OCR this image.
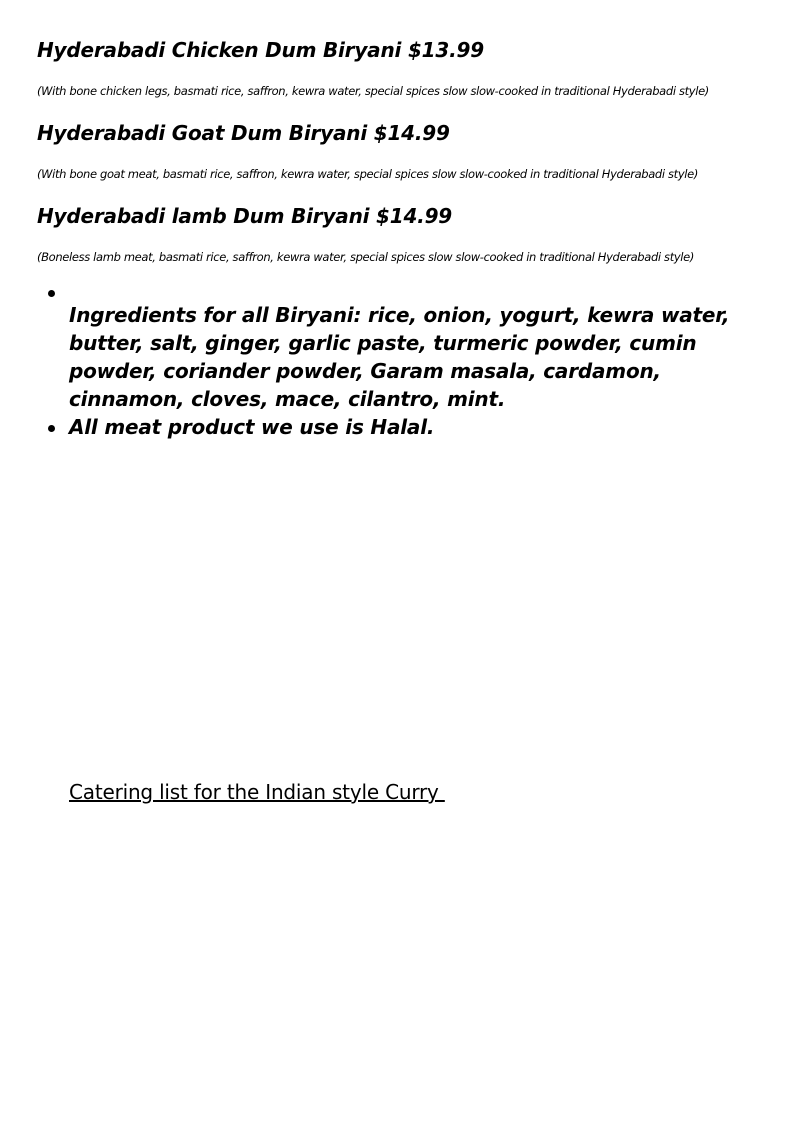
Hyderabadi Chicken Dum Biryani $13.99

(With bone chicken legs, basmati rice, saffron, kewra water, special spices slow slow-cooked in traditional Hyderabadi style)

Hyderabadi Goat Dum Biryani $14.99

(With bone goat meat, basmati rice, saffron, kewra water, special spices slow slow-cooked in traditional Hyderabadi style)

Hyderabadi lamb Dum Biryani $14.99

(Boneless lamb meat, basmati rice, saffron, kewra water, special spices slow slow-cooked in traditional Hyderabadi style)

Ingredients for all Biryani: rice, onion, yogurt, kewra water, butter, salt, ginger, garlic paste, turmeric powder, cumin powder, coriander powder, Garam masala, cardamon, cinnamon, cloves, mace, cilantro, mint.
All meat product we use is Halal.
Catering list for the Indian style Curry
